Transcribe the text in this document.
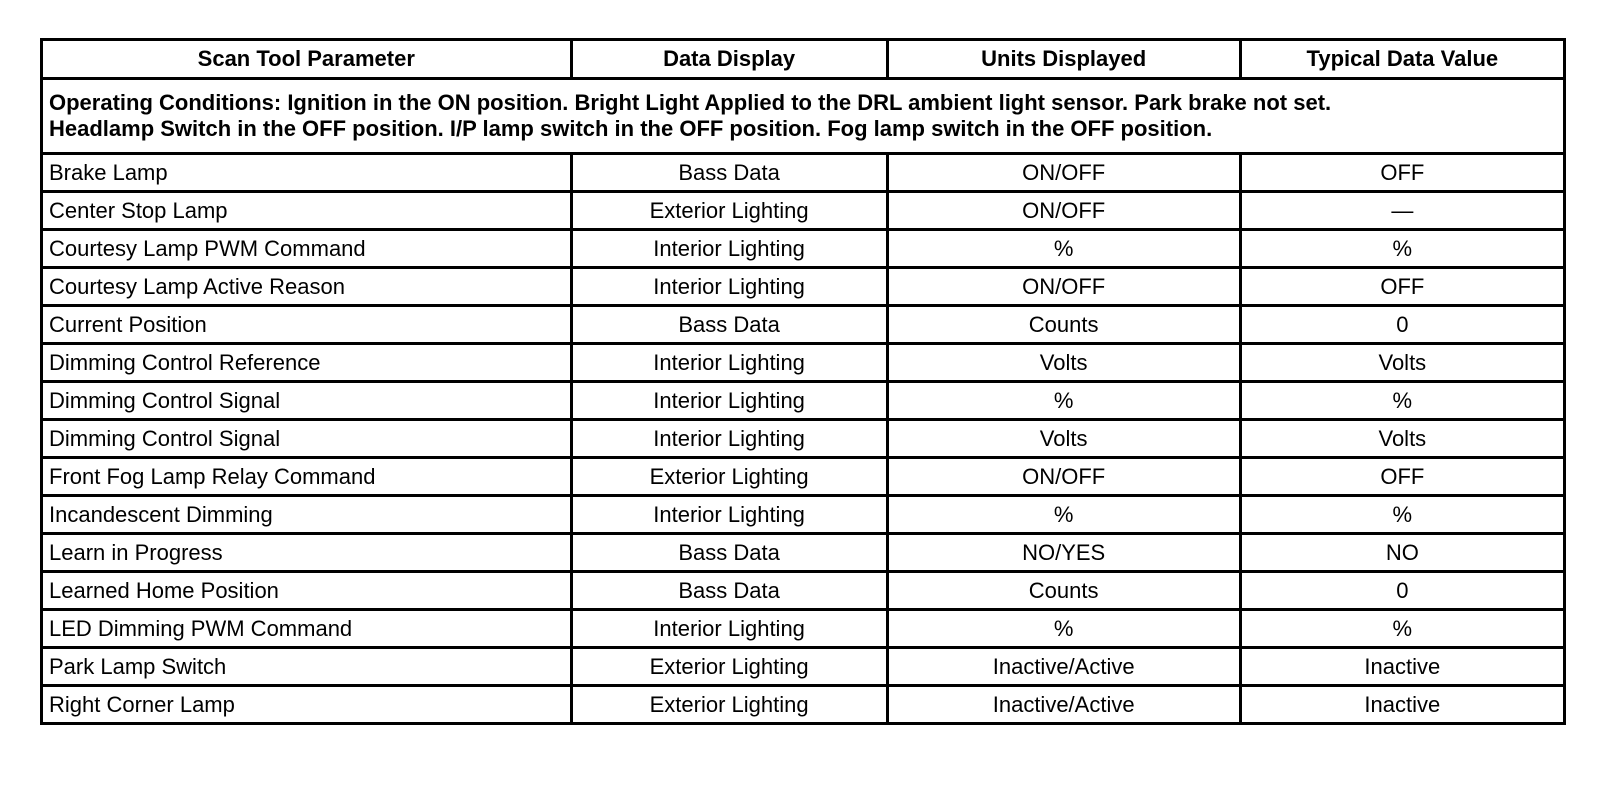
Scan Tool Parameter	Data Display	Units Displayed	Typical Data Value

Operating Conditions: Ignition in the ON position. Bright Light Applied to the DRL ambient light sensor. Park brake not set.
Headlamp Switch in the OFF position. I/P lamp switch in the OFF position. Fog lamp switch in the OFF position.			

Brake Lamp	Bass Data	ON/OFF	OFF
Center Stop Lamp	Exterior Lighting	ON/OFF	—
Courtesy Lamp PWM Command	Interior Lighting	%	%
Courtesy Lamp Active Reason	Interior Lighting	ON/OFF	OFF
Current Position	Bass Data	Counts	0
Dimming Control Reference	Interior Lighting	Volts	Volts
Dimming Control Signal	Interior Lighting	%	%
Dimming Control Signal	Interior Lighting	Volts	Volts
Front Fog Lamp Relay Command	Exterior Lighting	ON/OFF	OFF
Incandescent Dimming	Interior Lighting	%	%
Learn in Progress	Bass Data	NO/YES	NO
Learned Home Position	Bass Data	Counts	0
LED Dimming PWM Command	Interior Lighting	%	%
Park Lamp Switch	Exterior Lighting	Inactive/Active	Inactive
Right Corner Lamp	Exterior Lighting	Inactive/Active	Inactive
